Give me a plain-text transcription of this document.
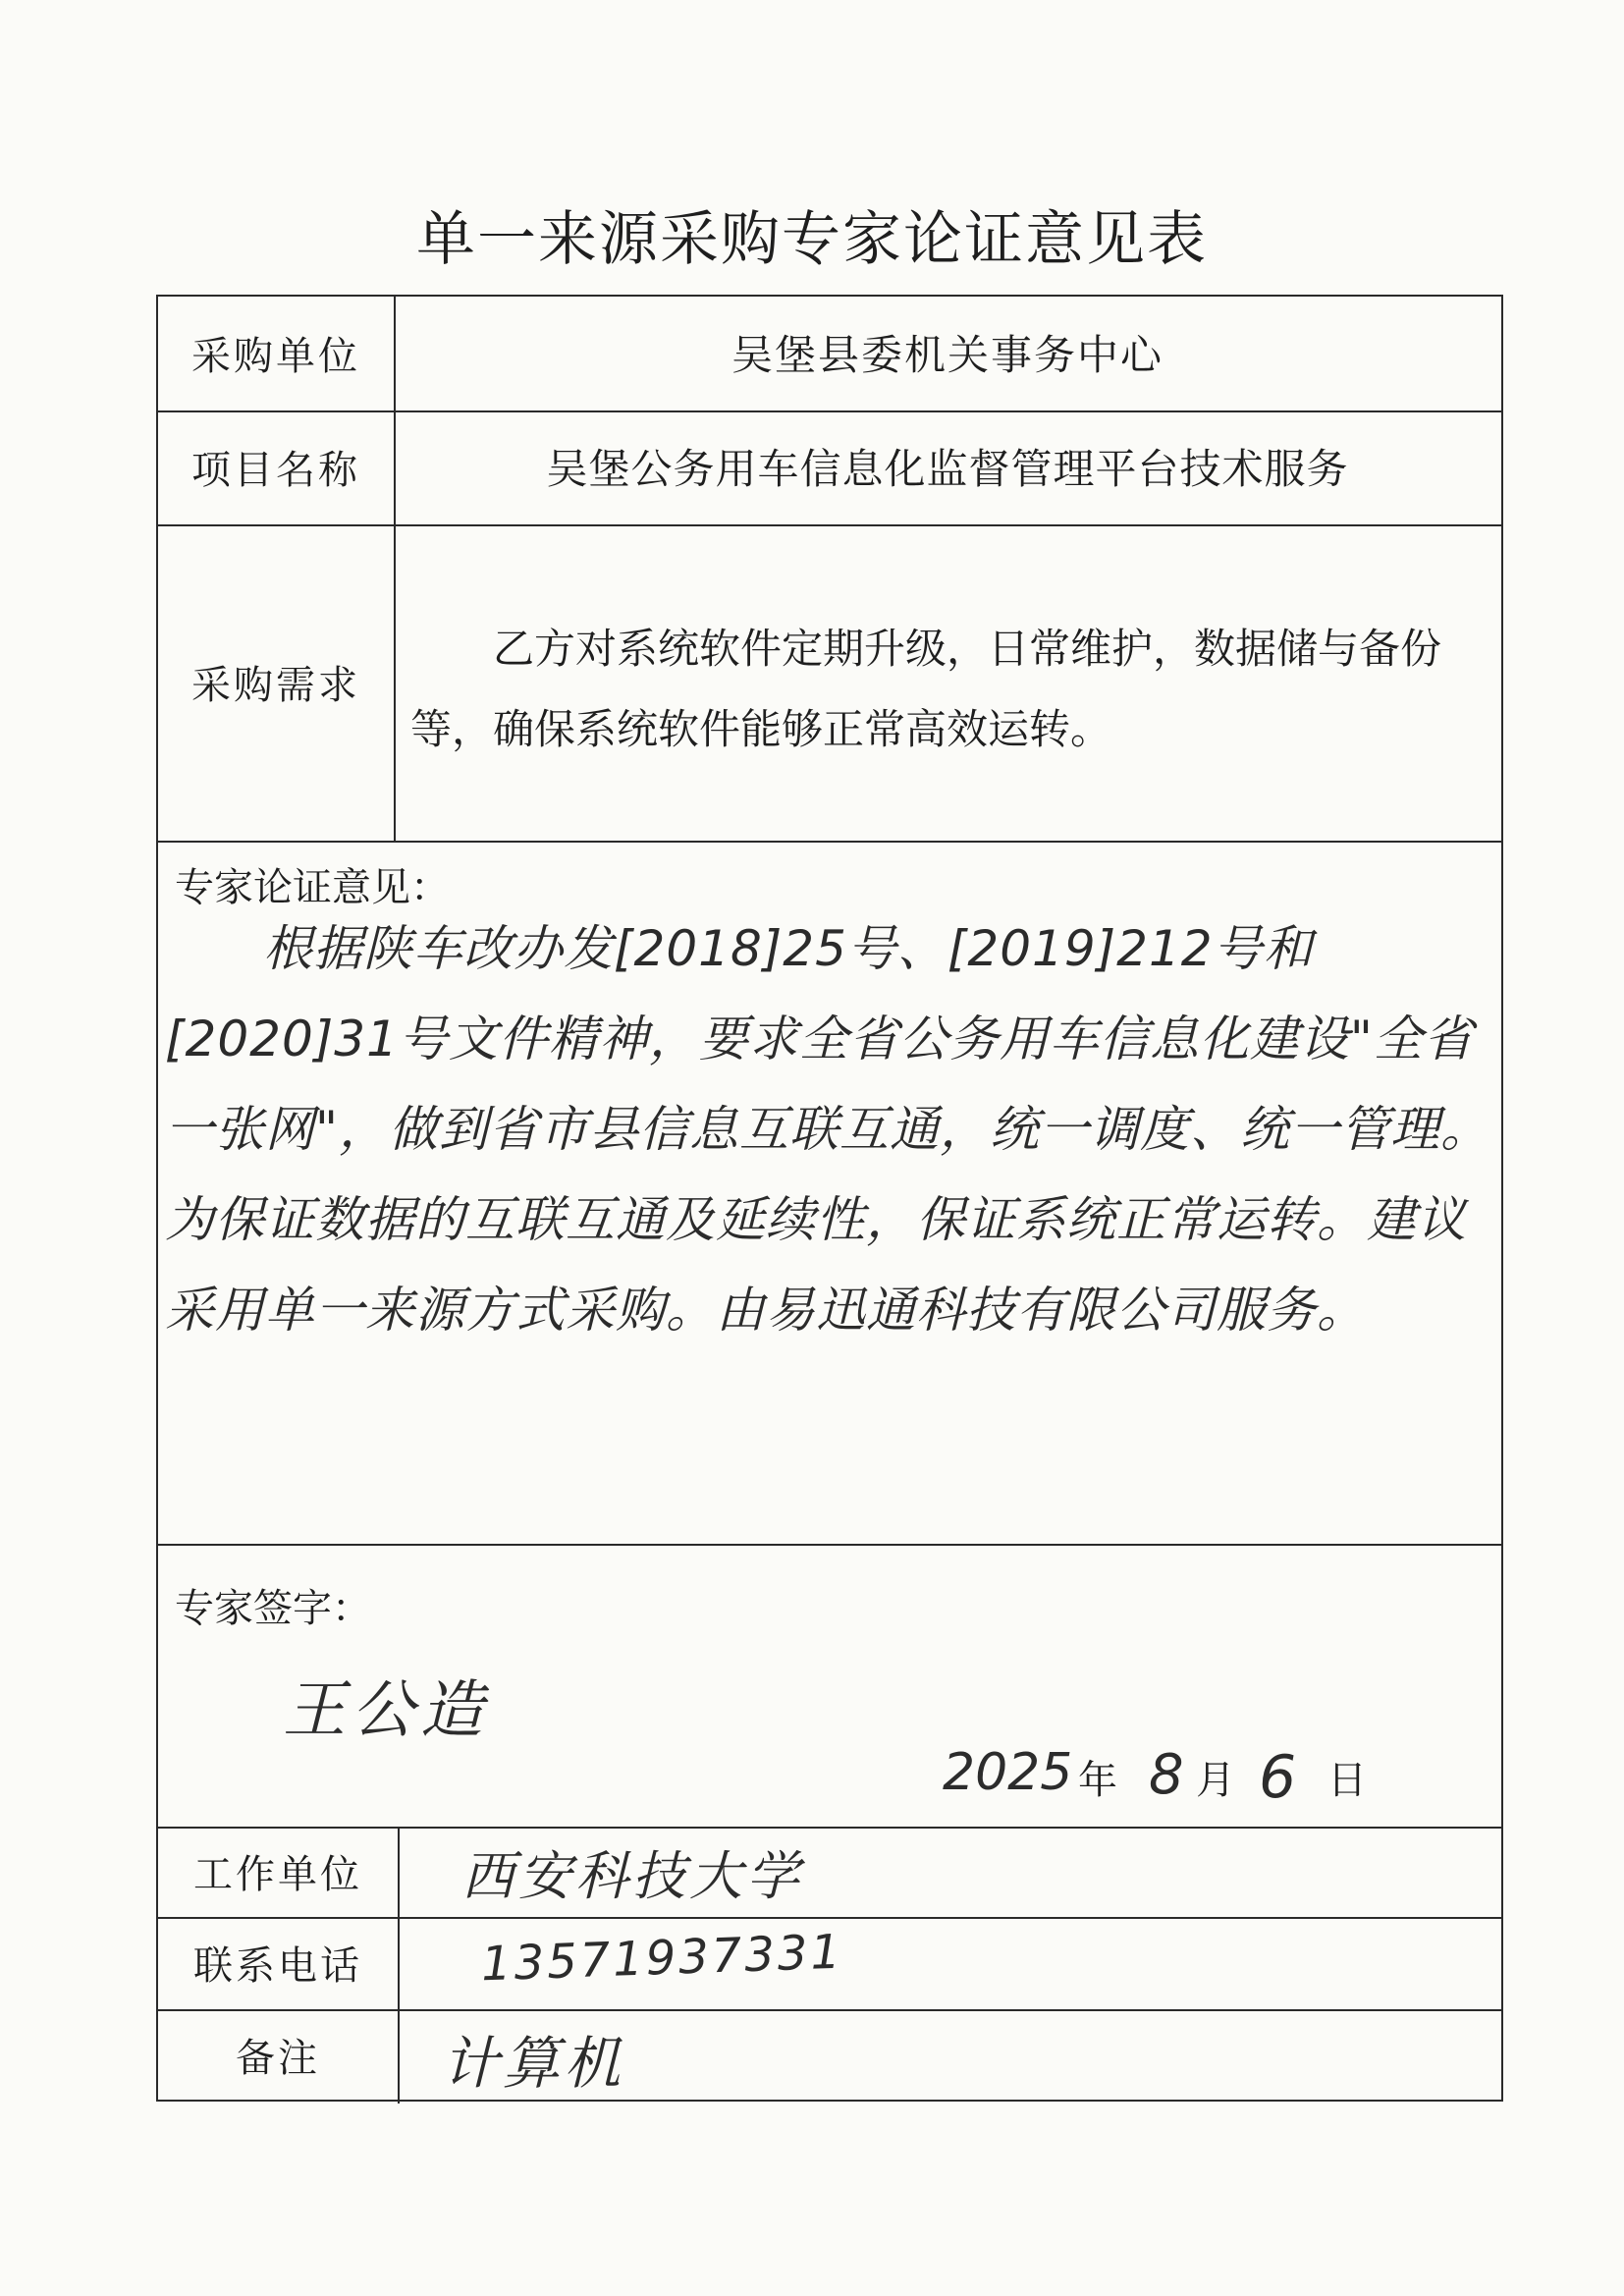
单一来源采购专家论证意见表
采购单位	吴堡县委机关事务中心
项目名称	吴堡公务用车信息化监督管理平台技术服务
采购需求
乙方对系统软件定期升级，日常维护，数据储与备份等，确保系统软件能够正常高效运转。
专家论证意见：
根据陕车改办发[2018]25号、[2019]212号和[2020]31号文件精神，要求全省公务用车信息化建设"全省一张网"，做到省市县信息互联互通，统一调度、统一管理。为保证数据的互联互通及延续性，保证系统正常运转。建议采用单一来源方式采购。由易迅通科技有限公司服务。
专家签字：
王公造
2025 年 8 月 6 日
工作单位	西安科技大学
联系电话	13571937331
备注	计算机
